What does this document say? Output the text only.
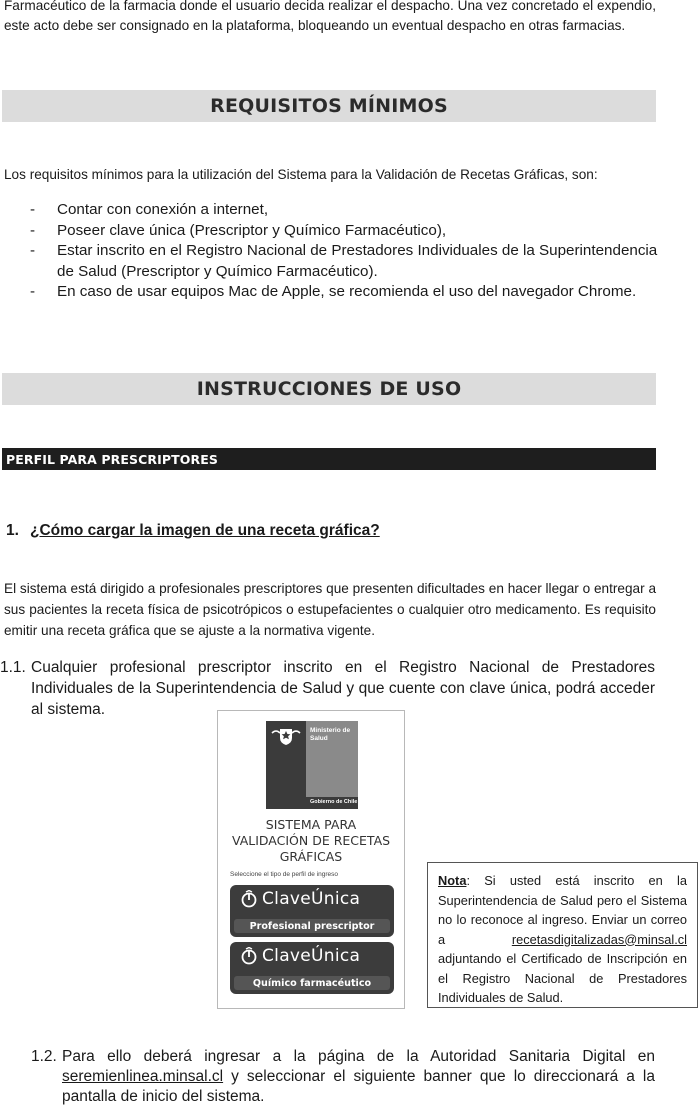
Farmacéutico de la farmacia donde el usuario decida realizar el despacho. Una vez concretado el expendio, este acto debe ser consignado en la plataforma, bloqueando un eventual despacho en otras farmacias.
REQUISITOS MÍNIMOS
Los requisitos mínimos para la utilización del Sistema para la Validación de Recetas Gráficas, son:
- Contar con conexión a internet,
- Poseer clave única (Prescriptor y Químico Farmacéutico),
- Estar inscrito en el Registro Nacional de Prestadores Individuales de la Superintendencia de Salud (Prescriptor y Químico Farmacéutico).
- En caso de usar equipos Mac de Apple, se recomienda el uso del navegador Chrome.
INSTRUCCIONES DE USO
PERFIL PARA PRESCRIPTORES
1. ¿Cómo cargar la imagen de una receta gráfica?
El sistema está dirigido a profesionales prescriptores que presenten dificultades en hacer llegar o entregar a sus pacientes la receta física de psicotrópicos o estupefacientes o cualquier otro medicamento. Es requisito emitir una receta gráfica que se ajuste a la normativa vigente.
1.1. Cualquier profesional prescriptor inscrito en el Registro Nacional de Prestadores Individuales de la Superintendencia de Salud y que cuente con clave única, podrá acceder al sistema.
Ministerio de Salud
Gobierno de Chile
SISTEMA PARA
VALIDACIÓN DE RECETAS
GRÁFICAS
Seleccione el tipo de perfil de ingreso
ClaveÚnica
Profesional prescriptor
ClaveÚnica
Químico farmacéutico
Nota: Si usted está inscrito en la Superintendencia de Salud pero el Sistema no lo reconoce al ingreso. Enviar un correo a recetasdigitalizadas@minsal.cl adjuntando el Certificado de Inscripción en el Registro Nacional de Prestadores Individuales de Salud.
1.2. Para ello deberá ingresar a la página de la Autoridad Sanitaria Digital en seremienlinea.minsal.cl y seleccionar el siguiente banner que lo direccionará a la pantalla de inicio del sistema.
